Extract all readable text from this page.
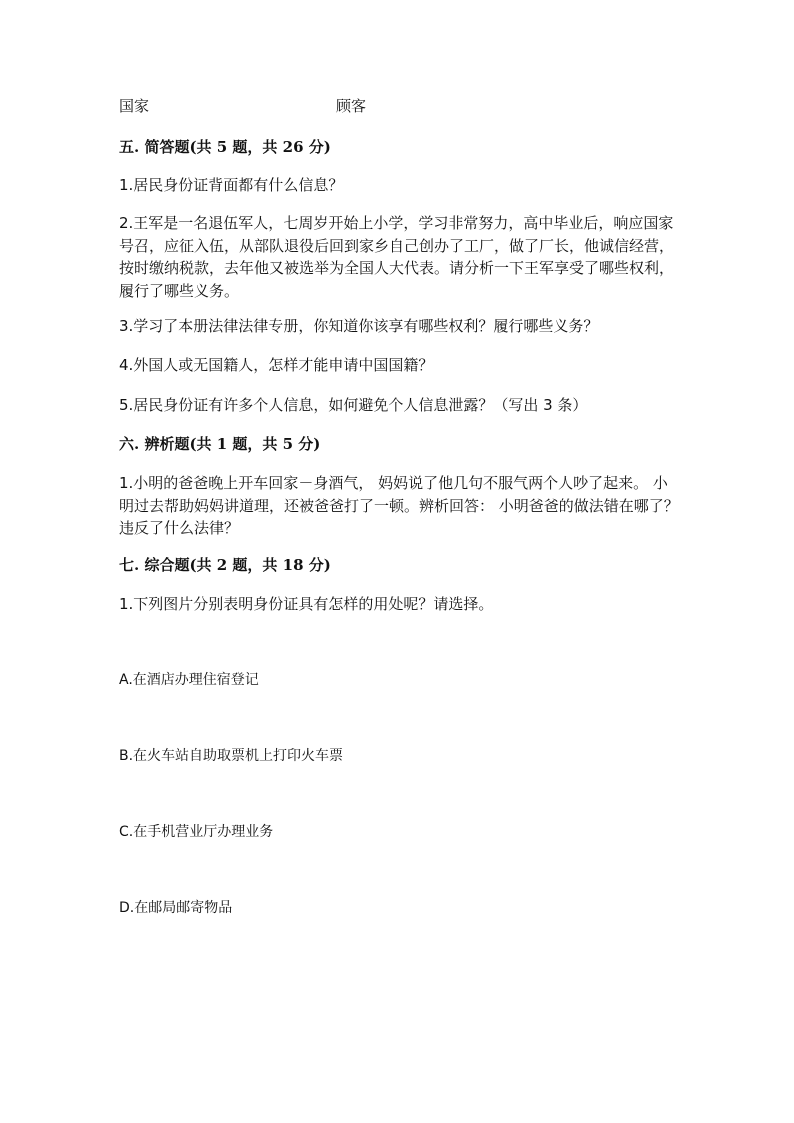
国家	顾客
五. 简答题(共 5 题，共 26 分)
1.居民身份证背面都有什么信息？
2.王军是一名退伍军人，七周岁开始上小学，学习非常努力，高中毕业后，响应国家号召，应征入伍，从部队退役后回到家乡自己创办了工厂，做了厂长，他诚信经营，按时缴纳税款，去年他又被选举为全国人大代表。请分析一下王军享受了哪些权利，履行了哪些义务。
3.学习了本册法律法律专册，你知道你该享有哪些权利？履行哪些义务？
4.外国人或无国籍人，怎样才能申请中国国籍？
5.居民身份证有许多个人信息，如何避免个人信息泄露？（写出 3 条）
六. 辨析题(共 1 题，共 5 分)
1.小明的爸爸晚上开车回家－身酒气， 妈妈说了他几句不服气两个人吵了起来。 小明过去帮助妈妈讲道理，还被爸爸打了一顿。辨析回答： 小明爸爸的做法错在哪了？ 违反了什么法律？
七. 综合题(共 2 题，共 18 分)
1.下列图片分别表明身份证具有怎样的用处呢？请选择。
A.在酒店办理住宿登记
B.在火车站自助取票机上打印火车票
C.在手机营业厅办理业务
D.在邮局邮寄物品
